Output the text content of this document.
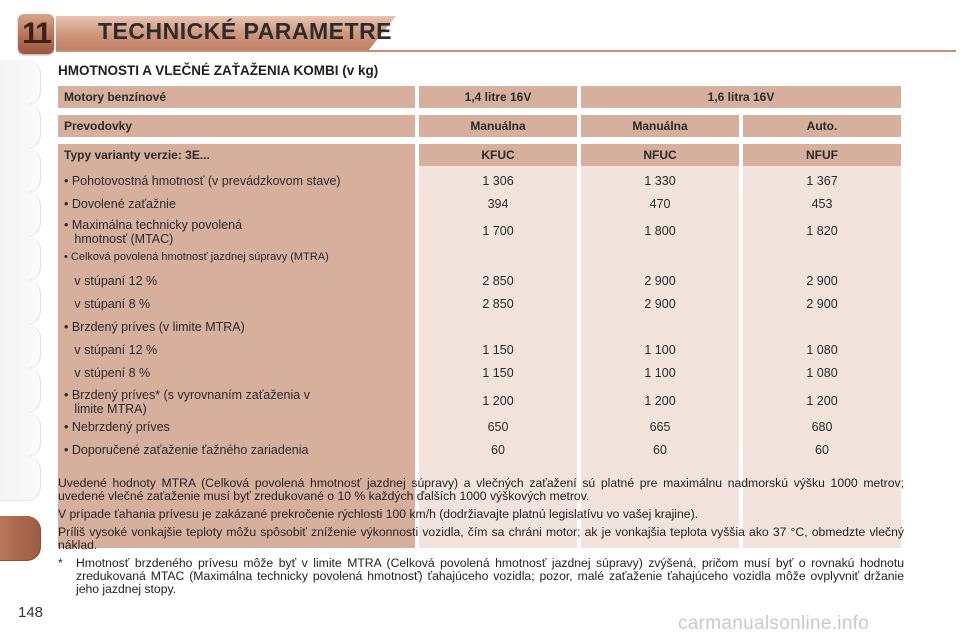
11 TECHNICKÉ PARAMETRE
HMOTNOSTI A VLEČNÉ ZAŤAŽENIA KOMBI (v kg)
Motory benzínové	1,4 litre 16V	1,6 litra 16V
Prevodovky	Manuálna	Manuálna	Auto.
Typy varianty verzie: 3E...	KFUC	NFUC	NFUF
• Pohotovostná hmotnosť (v prevádzkovom stave)	1 306	1 330	1 367
• Dovolené zaťažnie	394	470	453
• Maximálna technicky povolená
hmotnosť (MTAC)
1 700	1 800	1 820
• Celková povolená hmotnosť jazdnej súpravy (MTRA)
v stúpaní 12 %	2 850	2 900	2 900
v stúpaní 8 %	2 850	2 900	2 900
• Brzdený príves (v limite MTRA)
v stúpaní 12 %	1 150	1 100	1 080
v stúpení 8 %	1 150	1 100	1 080
• Brzdený príves* (s vyrovnaním zaťaženia v
limite MTRA)
1 200	1 200	1 200
• Nebrzdený príves	650	665	680
• Doporučené zaťaženie ťažného zariadenia	60	60	60

Uvedené hodnoty MTRA (Celková povolená hmotnosť jazdnej súpravy) a vlečných zaťažení sú platné pre maximálnu nadmorskú výšku 1000 metrov; uvedené vlečné zaťaženie musí byť zredukované o 10 % každých ďalších 1000 výškových metrov.

V prípade ťahania prívesu je zakázané prekročenie rýchlosti 100 km/h (dodržiavajte platnú legislatívu vo vašej krajine).

Príliš vysoké vonkajšie teploty môžu spôsobiť zníženie výkonnosti vozidla, čím sa chráni motor; ak je vonkajšia teplota vyššia ako 37 °C, obmedzte vlečný náklad.

* Hmotnosť brzdeného prívesu môže byť v limite MTRA (Celková povolená hmotnosť jazdnej súpravy) zvýšená, pričom musí byť o rovnakú hodnotu zredukovaná MTAC (Maximálna technicky povolená hmotnosť) ťahajúceho vozidla; pozor, malé zaťaženie ťahajúceho vozidla môže ovplyvniť držanie jeho jazdnej stopy.
148
carmanualsonline.info
